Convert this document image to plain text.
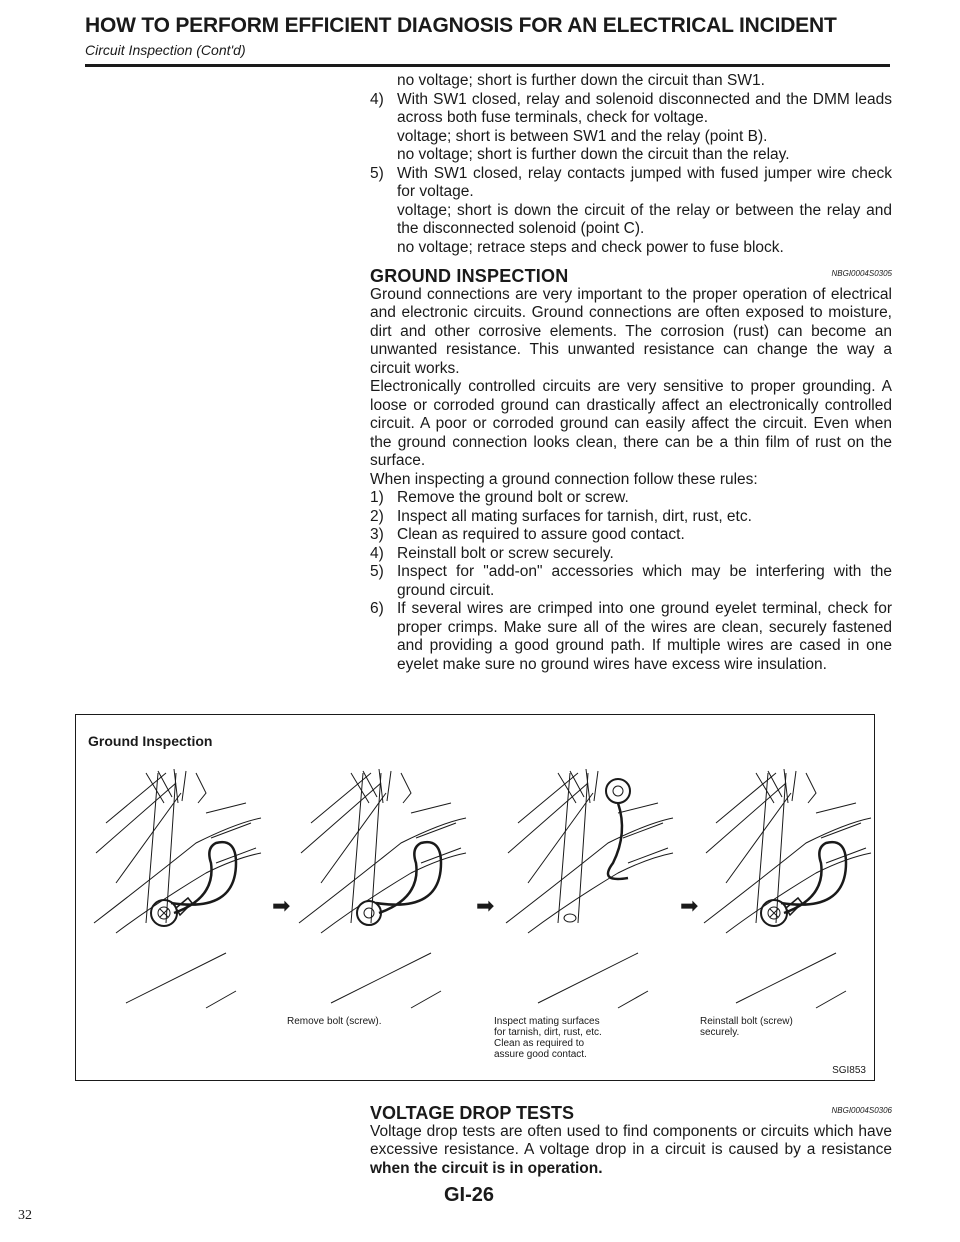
HOW TO PERFORM EFFICIENT DIAGNOSIS FOR AN ELECTRICAL INCIDENT
Circuit Inspection (Cont'd)

no voltage; short is further down the circuit than SW1.

4) With SW1 closed, relay and solenoid disconnected and the DMM leads across both fuse terminals, check for voltage.
voltage; short is between SW1 and the relay (point B).
no voltage; short is further down the circuit than the relay.
5) With SW1 closed, relay contacts jumped with fused jumper wire check for voltage.
voltage; short is down the circuit of the relay or between the relay and the disconnected solenoid (point C).
no voltage; retrace steps and check power to fuse block.
GROUND INSPECTION	NBGI0004S0305

Ground connections are very important to the proper operation of electrical and electronic circuits. Ground connections are often exposed to moisture, dirt and other corrosive elements. The corrosion (rust) can become an unwanted resistance. This unwanted resistance can change the way a circuit works.

Electronically controlled circuits are very sensitive to proper grounding. A loose or corroded ground can drastically affect an electronically controlled circuit. A poor or corroded ground can easily affect the circuit. Even when the ground connection looks clean, there can be a thin film of rust on the surface.

When inspecting a ground connection follow these rules:

1) Remove the ground bolt or screw.
2) Inspect all mating surfaces for tarnish, dirt, rust, etc.
3) Clean as required to assure good contact.
4) Reinstall bolt or screw securely.
5) Inspect for "add-on" accessories which may be interfering with the ground circuit.
6) If several wires are crimped into one ground eyelet terminal, check for proper crimps. Make sure all of the wires are clean, securely fastened and providing a good ground path. If multiple wires are cased in one eyelet make sure no ground wires have excess wire insulation.
Ground Inspection
➡	➡	➡
Remove bolt (screw).	Inspect mating surfaces
for tarnish, dirt, rust, etc.
Clean as required to
assure good contact.
Reinstall bolt (screw)
securely.
SGI853
VOLTAGE DROP TESTS	NBGI0004S0306

Voltage drop tests are often used to find components or circuits which have excessive resistance. A voltage drop in a circuit is caused by a resistance when the circuit is in operation.

GI-26
32
